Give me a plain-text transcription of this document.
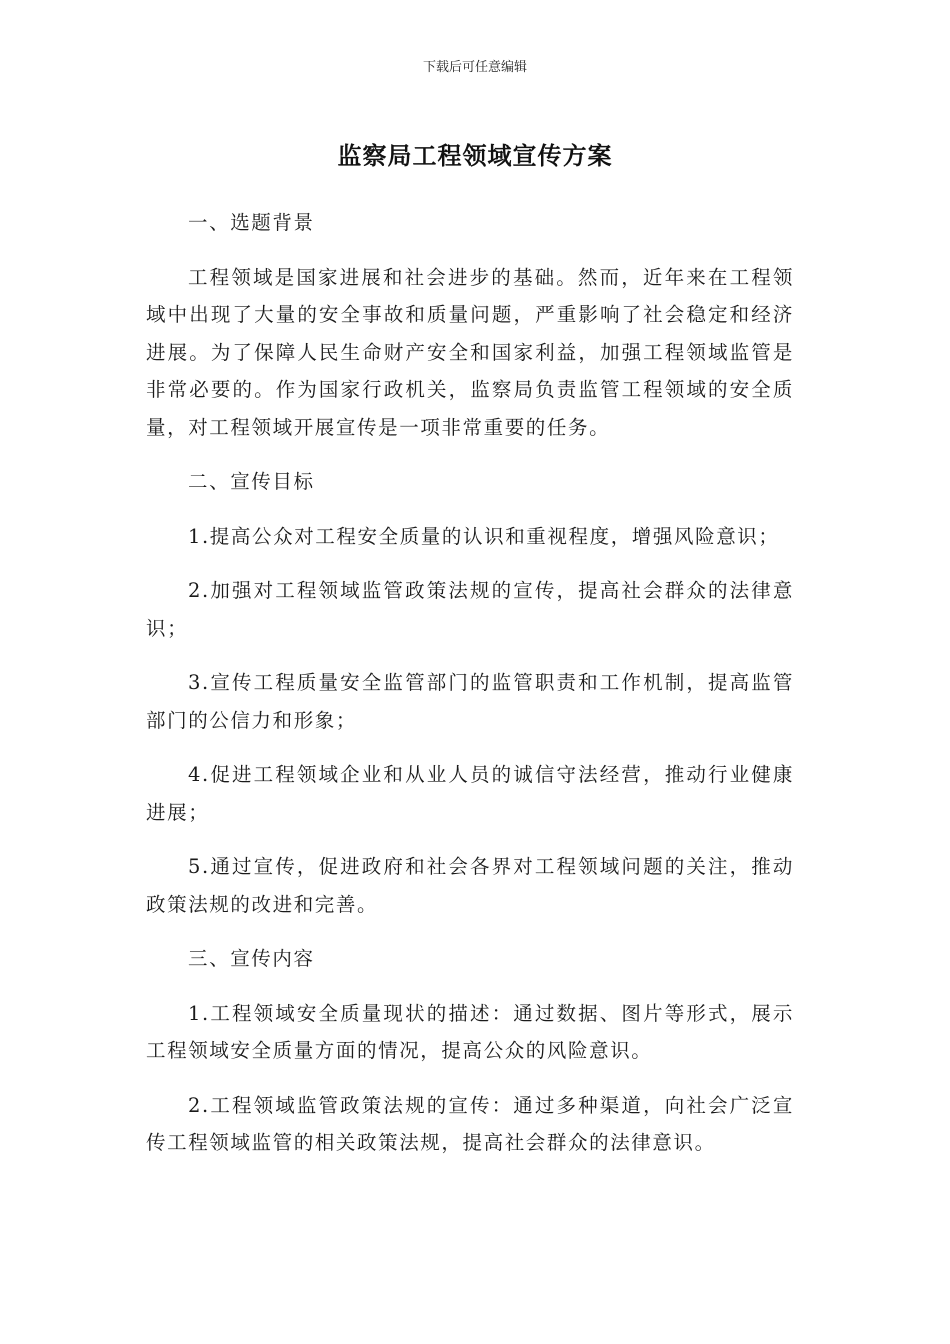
下载后可任意编辑
监察局工程领域宣传方案

一、选题背景

工程领域是国家进展和社会进步的基础。然而，近年来在工程领域中出现了大量的安全事故和质量问题，严重影响了社会稳定和经济进展。为了保障人民生命财产安全和国家利益，加强工程领域监管是非常必要的。作为国家行政机关，监察局负责监管工程领域的安全质量，对工程领域开展宣传是一项非常重要的任务。

二、宣传目标

1.提高公众对工程安全质量的认识和重视程度，增强风险意识；

2.加强对工程领域监管政策法规的宣传，提高社会群众的法律意识；

3.宣传工程质量安全监管部门的监管职责和工作机制，提高监管部门的公信力和形象；

4.促进工程领域企业和从业人员的诚信守法经营，推动行业健康进展；

5.通过宣传，促进政府和社会各界对工程领域问题的关注，推动政策法规的改进和完善。

三、宣传内容

1.工程领域安全质量现状的描述：通过数据、图片等形式，展示工程领域安全质量方面的情况，提高公众的风险意识。

2.工程领域监管政策法规的宣传：通过多种渠道，向社会广泛宣传工程领域监管的相关政策法规，提高社会群众的法律意识。
